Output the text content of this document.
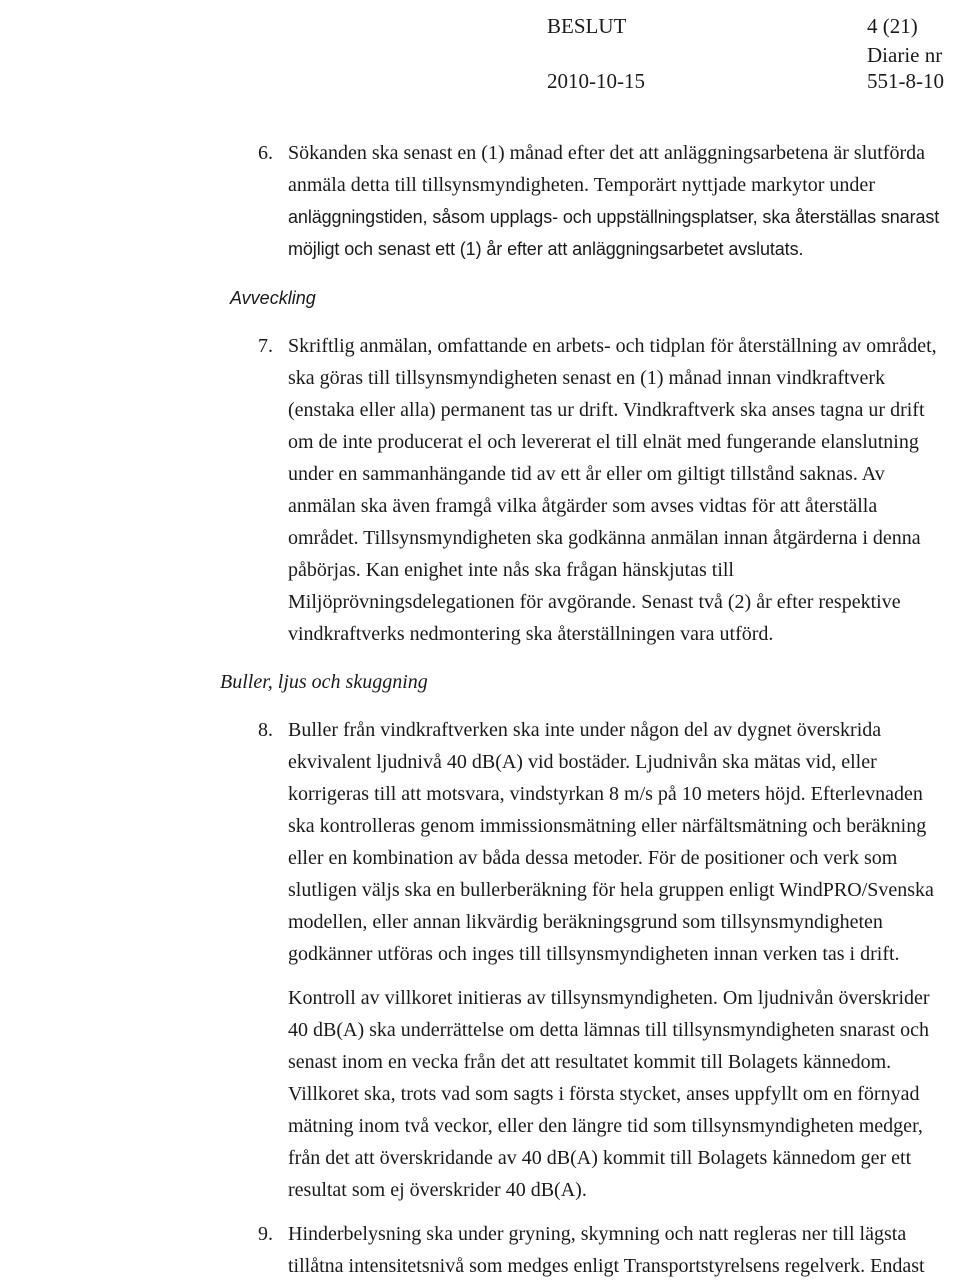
BESLUT	4 (21)
Diarie nr
2010-10-15	551-8-10
6. Sökanden ska senast en (1) månad efter det att anläggningsarbetena är slutförda
anmäla detta till tillsynsmyndigheten. Temporärt nyttjade markytor under
anläggningstiden, såsom upplags- och uppställningsplatser, ska återställas snarast
möjligt och senast ett (1) år efter att anläggningsarbetet avslutats.
Avveckling
7. Skriftlig anmälan, omfattande en arbets- och tidplan för återställning av området,
ska göras till tillsynsmyndigheten senast en (1) månad innan vindkraftverk
(enstaka eller alla) permanent tas ur drift. Vindkraftverk ska anses tagna ur drift
om de inte producerat el och levererat el till elnät med fungerande elanslutning
under en sammanhängande tid av ett år eller om giltigt tillstånd saknas. Av
anmälan ska även framgå vilka åtgärder som avses vidtas för att återställa
området. Tillsynsmyndigheten ska godkänna anmälan innan åtgärderna i denna
påbörjas. Kan enighet inte nås ska frågan hänskjutas till
Miljöprövningsdelegationen för avgörande. Senast två (2) år efter respektive
vindkraftverks nedmontering ska återställningen vara utförd.
Buller, ljus och skuggning
8. Buller från vindkraftverken ska inte under någon del av dygnet överskrida
ekvivalent ljudnivå 40 dB(A) vid bostäder. Ljudnivån ska mätas vid, eller
korrigeras till att motsvara, vindstyrkan 8 m/s på 10 meters höjd. Efterlevnaden
ska kontrolleras genom immissionsmätning eller närfältsmätning och beräkning
eller en kombination av båda dessa metoder. För de positioner och verk som
slutligen väljs ska en bullerberäkning för hela gruppen enligt WindPRO/Svenska
modellen, eller annan likvärdig beräkningsgrund som tillsynsmyndigheten
godkänner utföras och inges till tillsynsmyndigheten innan verken tas i drift.
Kontroll av villkoret initieras av tillsynsmyndigheten. Om ljudnivån överskrider
40 dB(A) ska underrättelse om detta lämnas till tillsynsmyndigheten snarast och
senast inom en vecka från det att resultatet kommit till Bolagets kännedom.
Villkoret ska, trots vad som sagts i första stycket, anses uppfyllt om en förnyad
mätning inom två veckor, eller den längre tid som tillsynsmyndigheten medger,
från det att överskridande av 40 dB(A) kommit till Bolagets kännedom ger ett
resultat som ej överskrider 40 dB(A).
9. Hinderbelysning ska under gryning, skymning och natt regleras ner till lägsta
tillåtna intensitetsnivå som medges enligt Transportstyrelsens regelverk. Endast
